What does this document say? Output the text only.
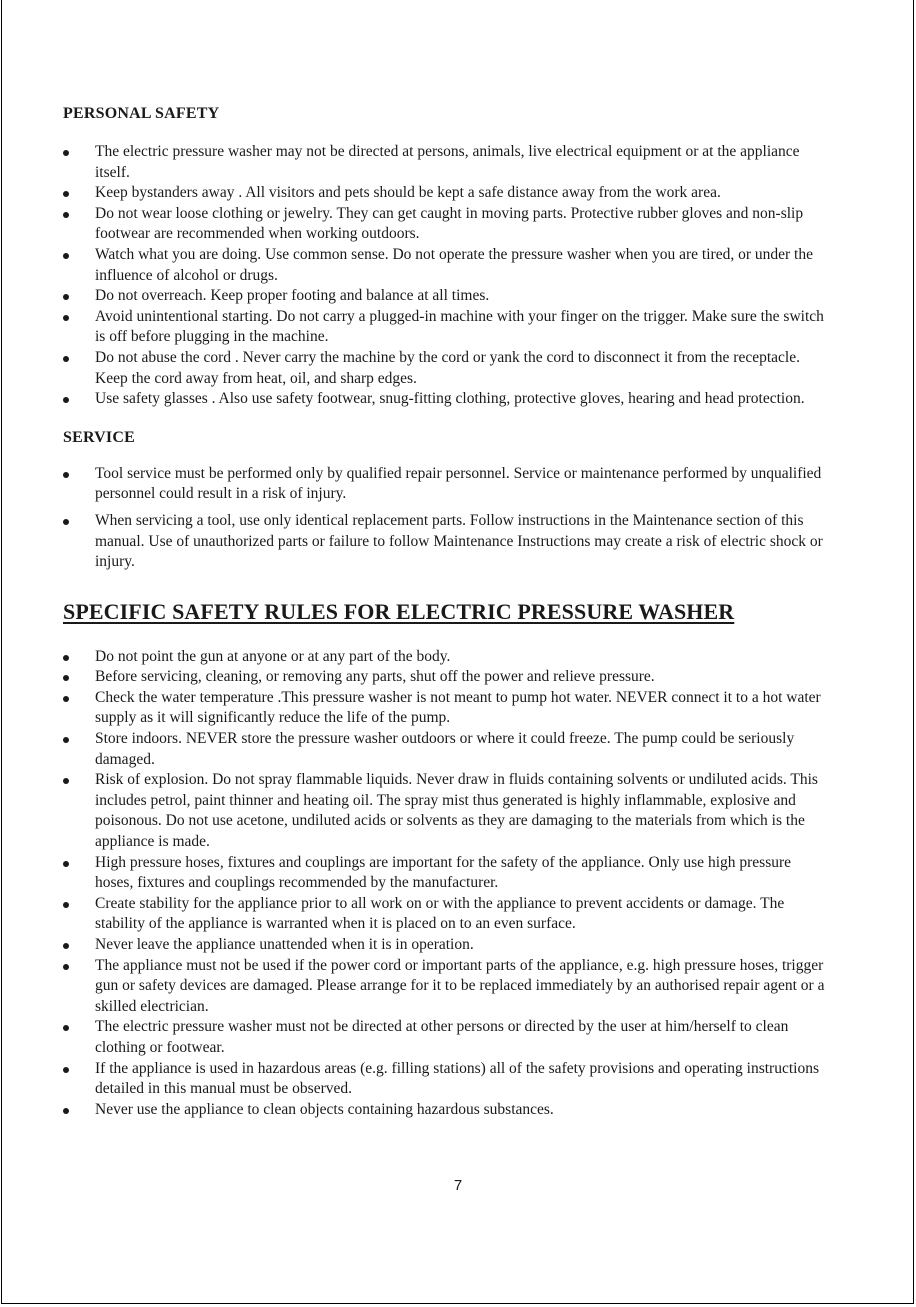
PERSONAL SAFETY
The electric pressure washer may not be directed at persons, animals, live electrical equipment or at the appliance itself.
Keep bystanders away . All visitors and pets should be kept a safe distance away from the work area.
Do not wear loose clothing or jewelry. They can get caught in moving parts. Protective rubber gloves and non-slip footwear are recommended when working outdoors.
Watch what you are doing. Use common sense. Do not operate the pressure washer when you are tired, or under the influence of alcohol or drugs.
Do not overreach. Keep proper footing and balance at all times.
Avoid unintentional starting. Do not carry a plugged-in machine with your finger on the trigger. Make sure the switch is off before plugging in the machine.
Do not abuse the cord . Never carry the machine by the cord or yank the cord to disconnect it from the receptacle. Keep the cord away from heat, oil, and sharp edges.
Use safety glasses . Also use safety footwear, snug-fitting clothing, protective gloves, hearing and head protection.
SERVICE
Tool service must be performed only by qualified repair personnel. Service or maintenance performed by unqualified personnel could result in a risk of injury.
When servicing a tool, use only identical replacement parts. Follow instructions in the Maintenance section of this manual. Use of unauthorized parts or failure to follow Maintenance Instructions may create a risk of electric shock or injury.
SPECIFIC SAFETY RULES FOR ELECTRIC PRESSURE WASHER
Do not point the gun at anyone or at any part of the body.
Before servicing, cleaning, or removing any parts, shut off the power and relieve pressure.
Check the water temperature .This pressure washer is not meant to pump hot water. NEVER connect it to a hot water supply as it will significantly reduce the life of the pump.
Store indoors. NEVER store the pressure washer outdoors or where it could freeze. The pump could be seriously damaged.
Risk of explosion. Do not spray flammable liquids. Never draw in fluids containing solvents or undiluted acids. This includes petrol, paint thinner and heating oil. The spray mist thus generated is highly inflammable, explosive and poisonous. Do not use acetone, undiluted acids or solvents as they are damaging to the materials from which is the appliance is made.
High pressure hoses, fixtures and couplings are important for the safety of the appliance. Only use high pressure hoses, fixtures and couplings recommended by the manufacturer.
Create stability for the appliance prior to all work on or with the appliance to prevent accidents or damage. The stability of the appliance is warranted when it is placed on to an even surface.
Never leave the appliance unattended when it is in operation.
The appliance must not be used if the power cord or important parts of the appliance, e.g. high pressure hoses, trigger gun or safety devices are damaged. Please arrange for it to be replaced immediately by an authorised repair agent or a skilled electrician.
The electric pressure washer must not be directed at other persons or directed by the user at him/herself to clean clothing or footwear.
If the appliance is used in hazardous areas (e.g. filling stations) all of the safety provisions and operating instructions detailed in this manual must be observed.
Never use the appliance to clean objects containing hazardous substances.
7
